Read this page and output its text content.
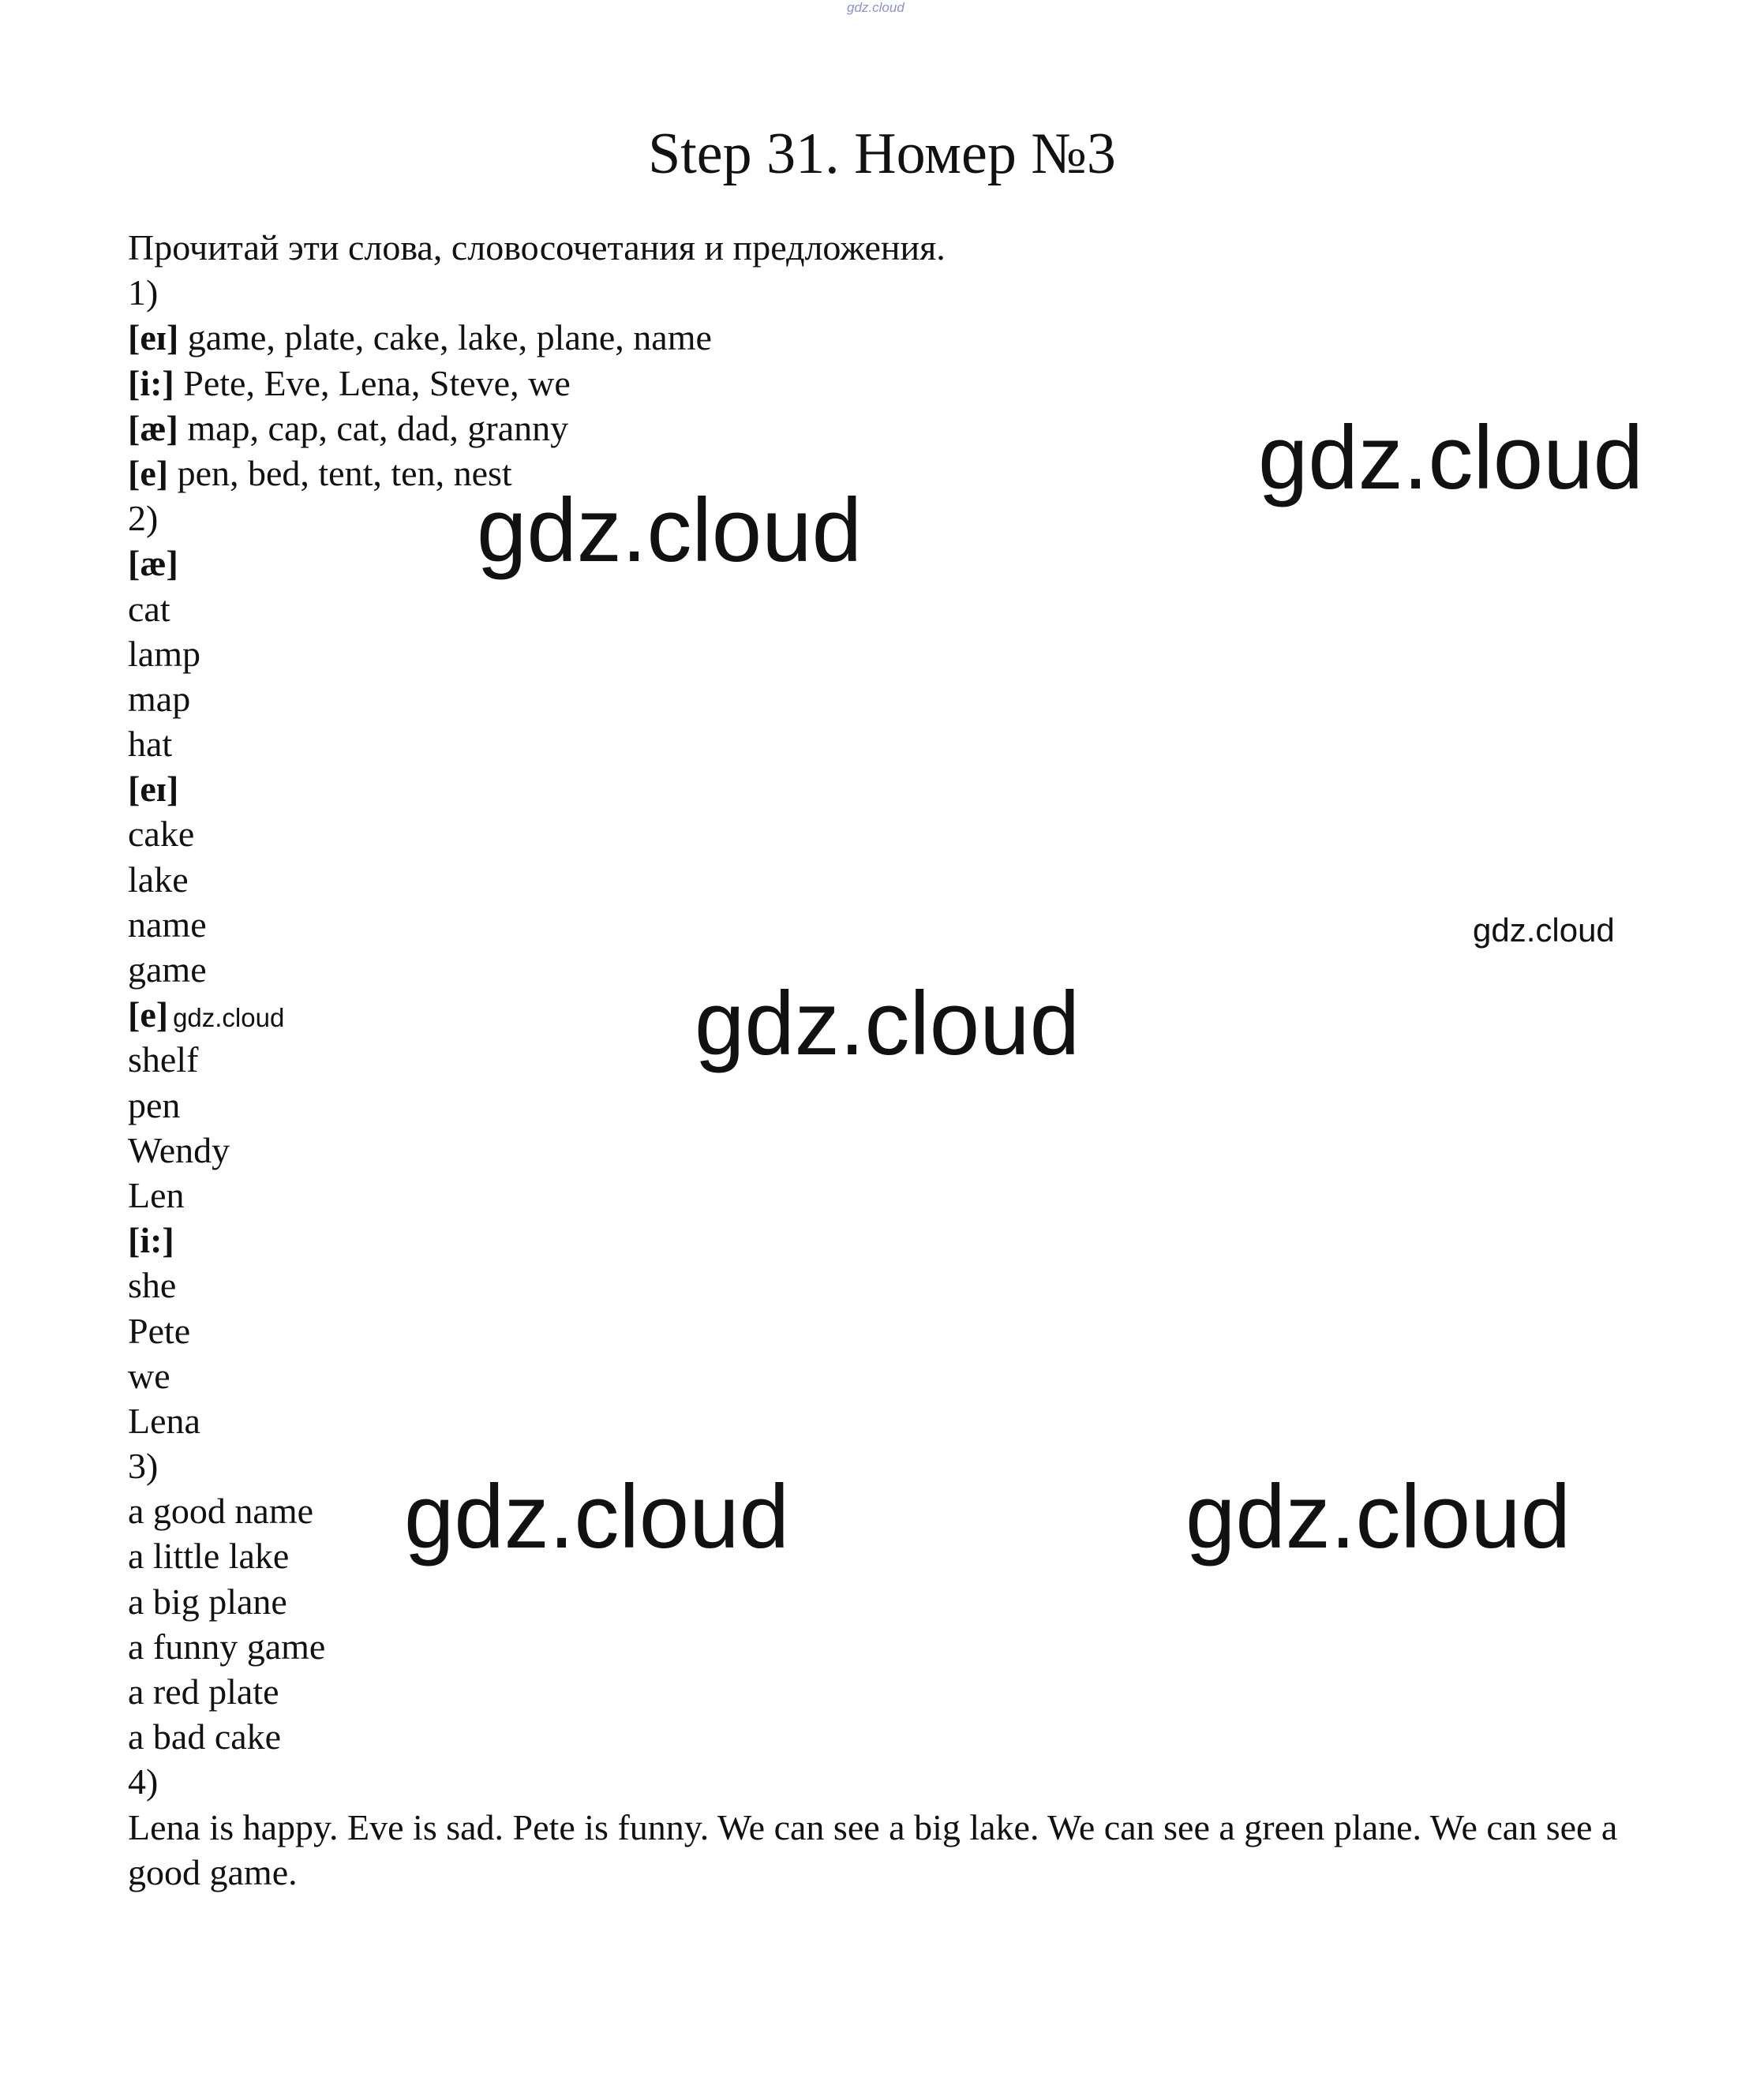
gdz.cloud
Step 31. Номер №3
Прочитай эти слова, словосочетания и предложения.
1)
[eɪ] game, plate, cake, lake, plane, name
[i:] Pete, Eve, Lena, Steve, we
[æ] map, cap, cat, dad, granny
[e] pen, bed, tent, ten, nest
2)
[æ]
cat
lamp
map
hat
[eɪ]
cake
lake
name
game
[e] gdz.cloud
shelf
pen
Wendy
Len
[i:]
she
Pete
we
Lena
3)
a good name
a little lake
a big plane
a funny game
a red plate
a bad cake
4)
Lena is happy. Eve is sad. Pete is funny. We can see a big lake. We can see a green plane. We can see a good game.
gdz.cloud
gdz.cloud
gdz.cloud
gdz.cloud
gdz.cloud	gdz.cloud
